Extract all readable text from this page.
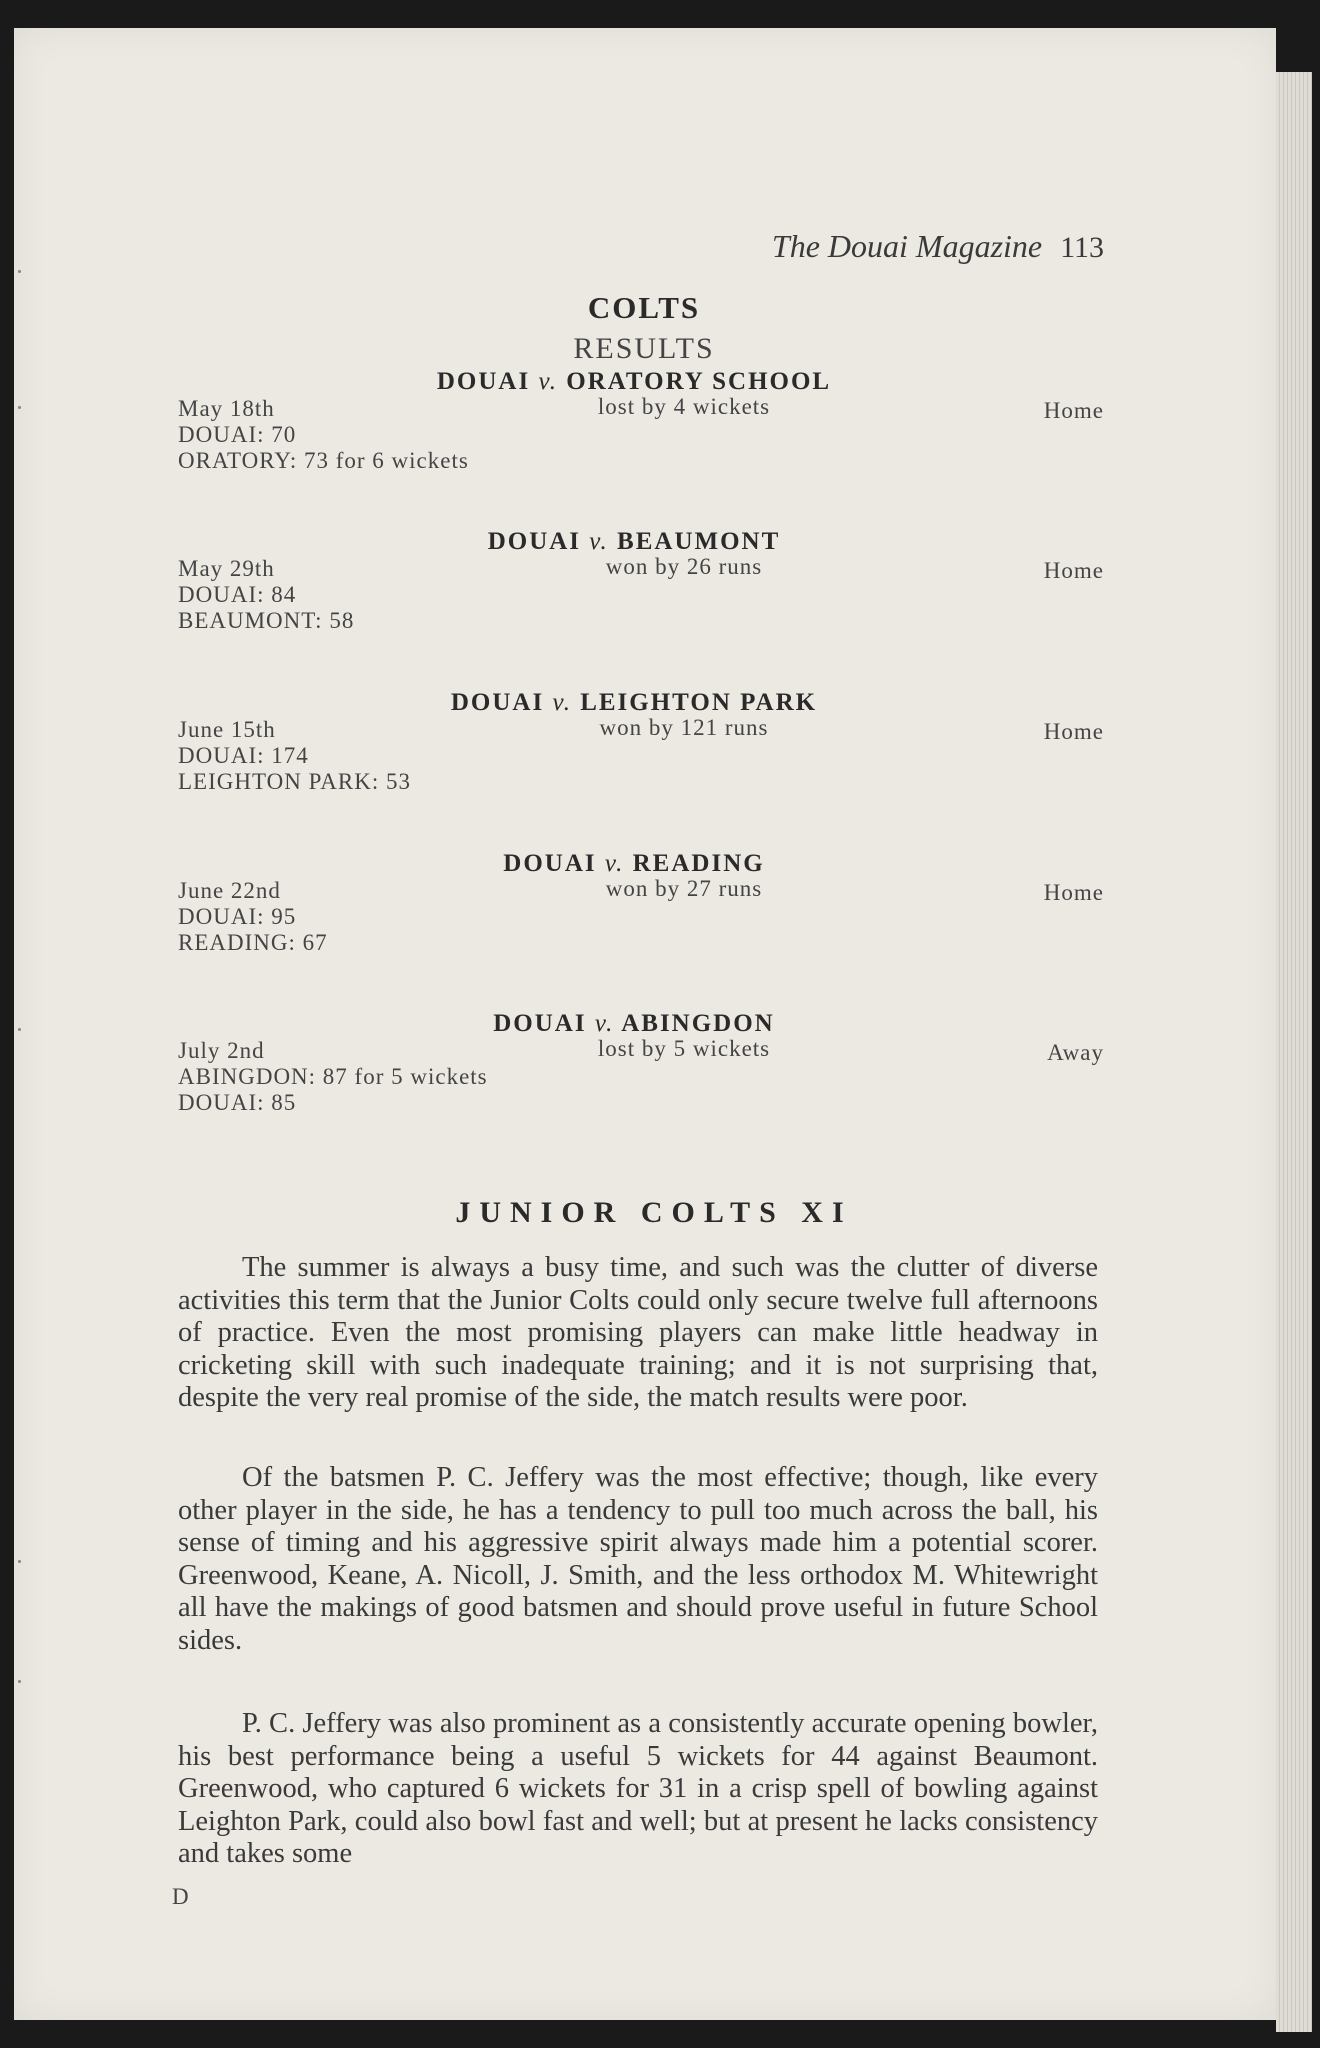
The Douai Magazine 113
COLTS
RESULTS
DOUAI v. ORATORY SCHOOL
May 18th	lost by 4 wickets	Home
DOUAI: 70
ORATORY: 73 for 6 wickets
DOUAI v. BEAUMONT
May 29th	won by 26 runs	Home
DOUAI: 84
BEAUMONT: 58
DOUAI v. LEIGHTON PARK
June 15th	won by 121 runs	Home
DOUAI: 174
LEIGHTON PARK: 53
DOUAI v. READING
June 22nd	won by 27 runs	Home
DOUAI: 95
READING: 67
DOUAI v. ABINGDON
July 2nd	lost by 5 wickets	Away
ABINGDON: 87 for 5 wickets
DOUAI: 85
JUNIOR COLTS XI

The summer is always a busy time, and such was the clutter of diverse activities this term that the Junior Colts could only secure twelve full afternoons of practice. Even the most promising players can make little headway in cricketing skill with such inadequate training; and it is not surprising that, despite the very real promise of the side, the match results were poor.

Of the batsmen P. C. Jeffery was the most effective; though, like every other player in the side, he has a tendency to pull too much across the ball, his sense of timing and his aggressive spirit always made him a potential scorer. Greenwood, Keane, A. Nicoll, J. Smith, and the less orthodox M. Whitewright all have the makings of good batsmen and should prove useful in future School sides.

P. C. Jeffery was also prominent as a consistently accurate opening bowler, his best performance being a useful 5 wickets for 44 against Beaumont. Greenwood, who captured 6 wickets for 31 in a crisp spell of bowling against Leighton Park, could also bowl fast and well; but at present he lacks consistency and takes some

D
